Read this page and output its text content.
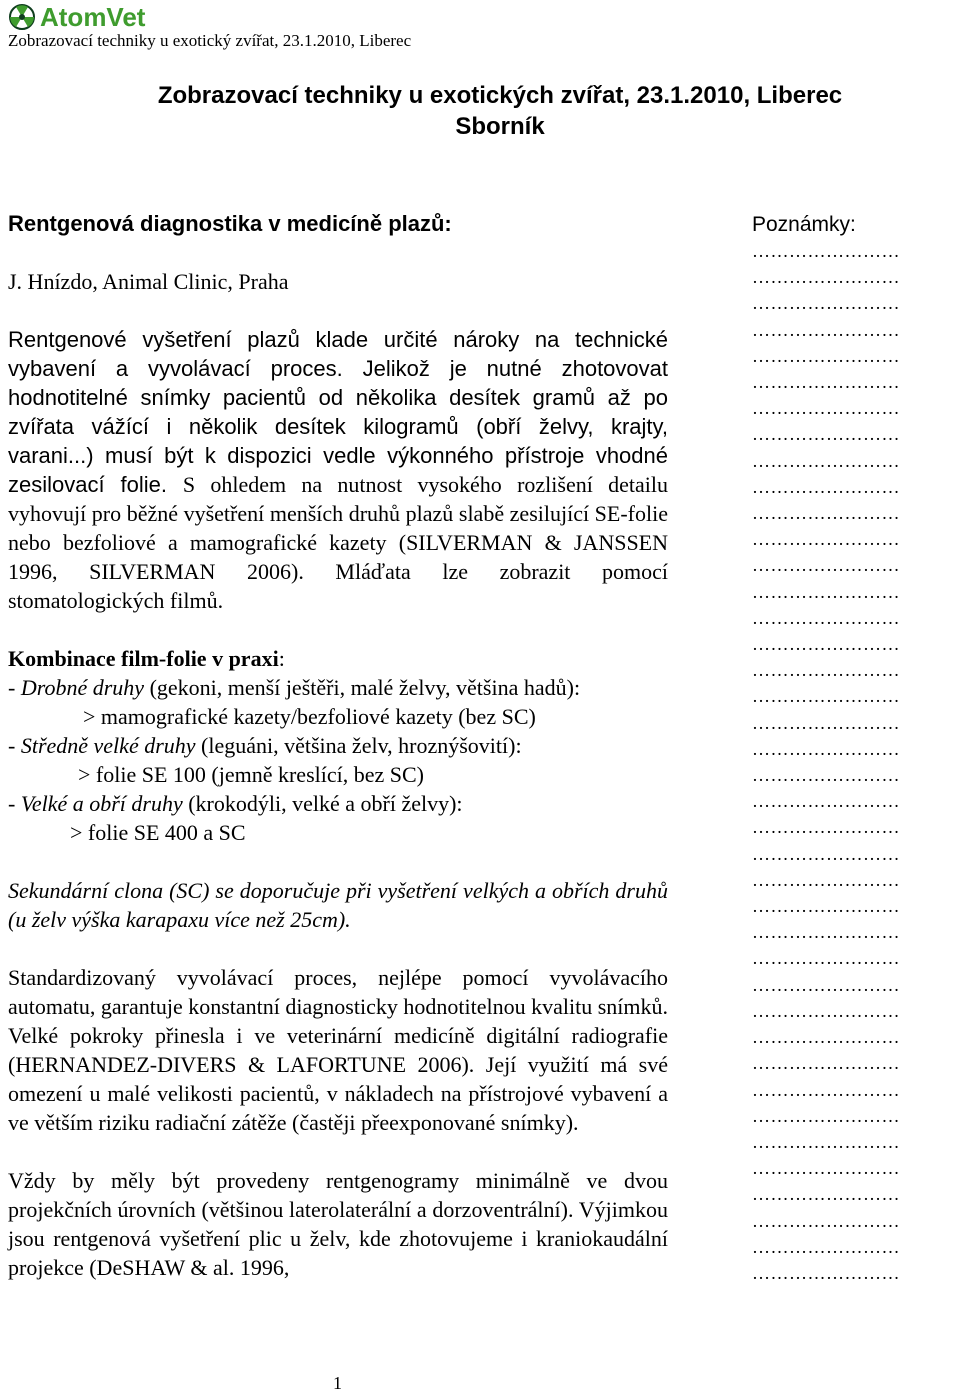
AtomVet
Zobrazovací techniky u exotický zvířat, 23.1.2010, Liberec
Zobrazovací techniky u exotických zvířat, 23.1.2010, Liberec
Sborník

Rentgenová diagnostika v medicíně plazů:

J. Hnízdo, Animal Clinic, Praha

Rentgenové vyšetření plazů klade určité nároky na technické vybavení a vyvolávací proces. Jelikož je nutné zhotovovat hodnotitelné snímky pacientů od několika desítek gramů až po zvířata vážící i několik desítek kilogramů (obří želvy, krajty, varani...) musí být k dispozici vedle výkonného přístroje vhodné zesilovací folie. S ohledem na nutnost vysokého rozlišení detailu vyhovují pro běžné vyšetření menších druhů plazů slabě zesilující SE-folie nebo bezfoliové a mamografické kazety (SILVERMAN & JANSSEN 1996, SILVERMAN 2006). Mláďata lze zobrazit pomocí stomatologických filmů.

Kombinace film-folie v praxi:

- Drobné druhy (gekoni, menší ještěři, malé želvy, většina hadů):

> mamografické kazety/bezfoliové kazety (bez SC)

- Středně velké druhy (leguáni, většina želv, hroznýšovití):

> folie SE 100 (jemně kreslící, bez SC)

- Velké a obří druhy (krokodýli, velké a obří želvy):

> folie SE 400 a SC

Sekundární clona (SC) se doporučuje při vyšetření velkých a obřích druhů (u želv výška karapaxu více než 25cm).

Standardizovaný vyvolávací proces, nejlépe pomocí vyvolávacího automatu, garantuje konstantní diagnosticky hodnotitelnou kvalitu snímků. Velké pokroky přinesla i ve veterinární medicíně digitální radiografie (HERNANDEZ-DIVERS & LAFORTUNE 2006). Její využití má své omezení u malé velikosti pacientů, v nákladech na přístrojové vybavení a ve větším riziku radiační zátěže (častěji přeexponované snímky).

Vždy by měly být provedeny rentgenogramy minimálně ve dvou projekčních úrovních (většinou laterolaterální a dorzoventrální). Výjimkou jsou rentgenová vyšetření plic u želv, kde zhotovujeme i kraniokaudální projekce (DeSHAW & al. 1996,

Poznámky:
……………………
……………………
……………………
……………………
……………………
……………………
……………………
……………………
……………………
……………………
……………………
……………………
……………………
……………………
……………………
……………………
……………………
……………………
……………………
……………………
……………………
……………………
……………………
……………………
……………………
……………………
……………………
……………………
……………………
……………………
……………………
……………………
……………………
……………………
……………………
……………………
……………………
……………………
……………………
……………………
1
